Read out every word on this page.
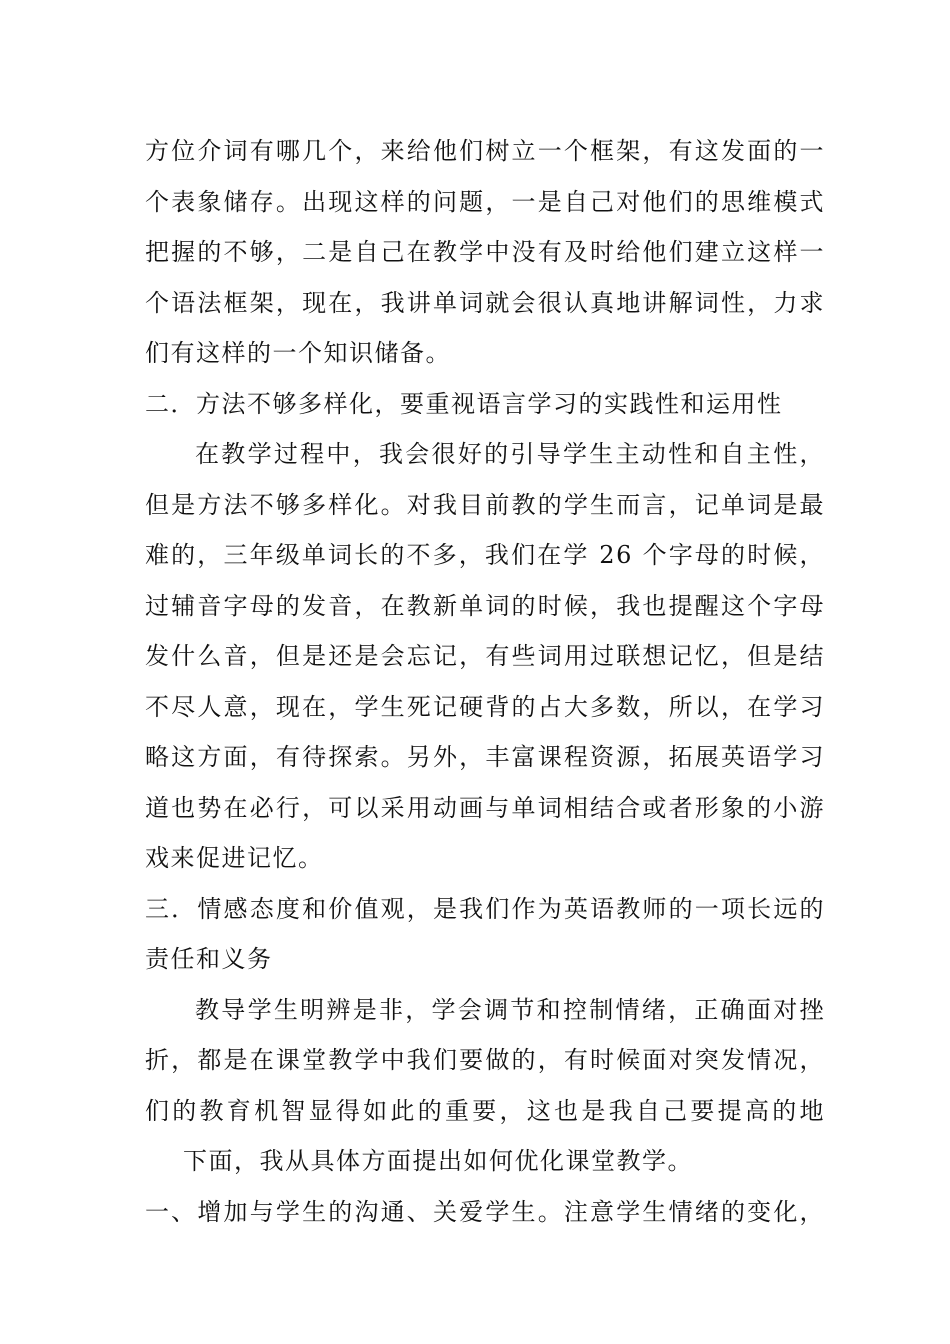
方位介词有哪几个，来给他们树立一个框架，有这发面的一
个表象储存。出现这样的问题，一是自己对他们的思维模式
把握的不够，二是自己在教学中没有及时给他们建立这样一
个语法框架，现在，我讲单词就会很认真地讲解词性，力求
们有这样的一个知识储备。
二．方法不够多样化，要重视语言学习的实践性和运用性
在教学过程中，我会很好的引导学生主动性和自主性，
但是方法不够多样化。对我目前教的学生而言，记单词是最
难的，三年级单词长的不多，我们在学 26 个字母的时候，
过辅音字母的发音，在教新单词的时候，我也提醒这个字母
发什么音，但是还是会忘记，有些词用过联想记忆，但是结
不尽人意，现在，学生死记硬背的占大多数，所以，在学习
略这方面，有待探索。另外，丰富课程资源，拓展英语学习
道也势在必行，可以采用动画与单词相结合或者形象的小游
戏来促进记忆。
三．情感态度和价值观，是我们作为英语教师的一项长远的
责任和义务
教导学生明辨是非，学会调节和控制情绪，正确面对挫
折，都是在课堂教学中我们要做的，有时候面对突发情况，
们的教育机智显得如此的重要，这也是我自己要提高的地
下面，我从具体方面提出如何优化课堂教学。
一、增加与学生的沟通、关爱学生。注意学生情绪的变化，
